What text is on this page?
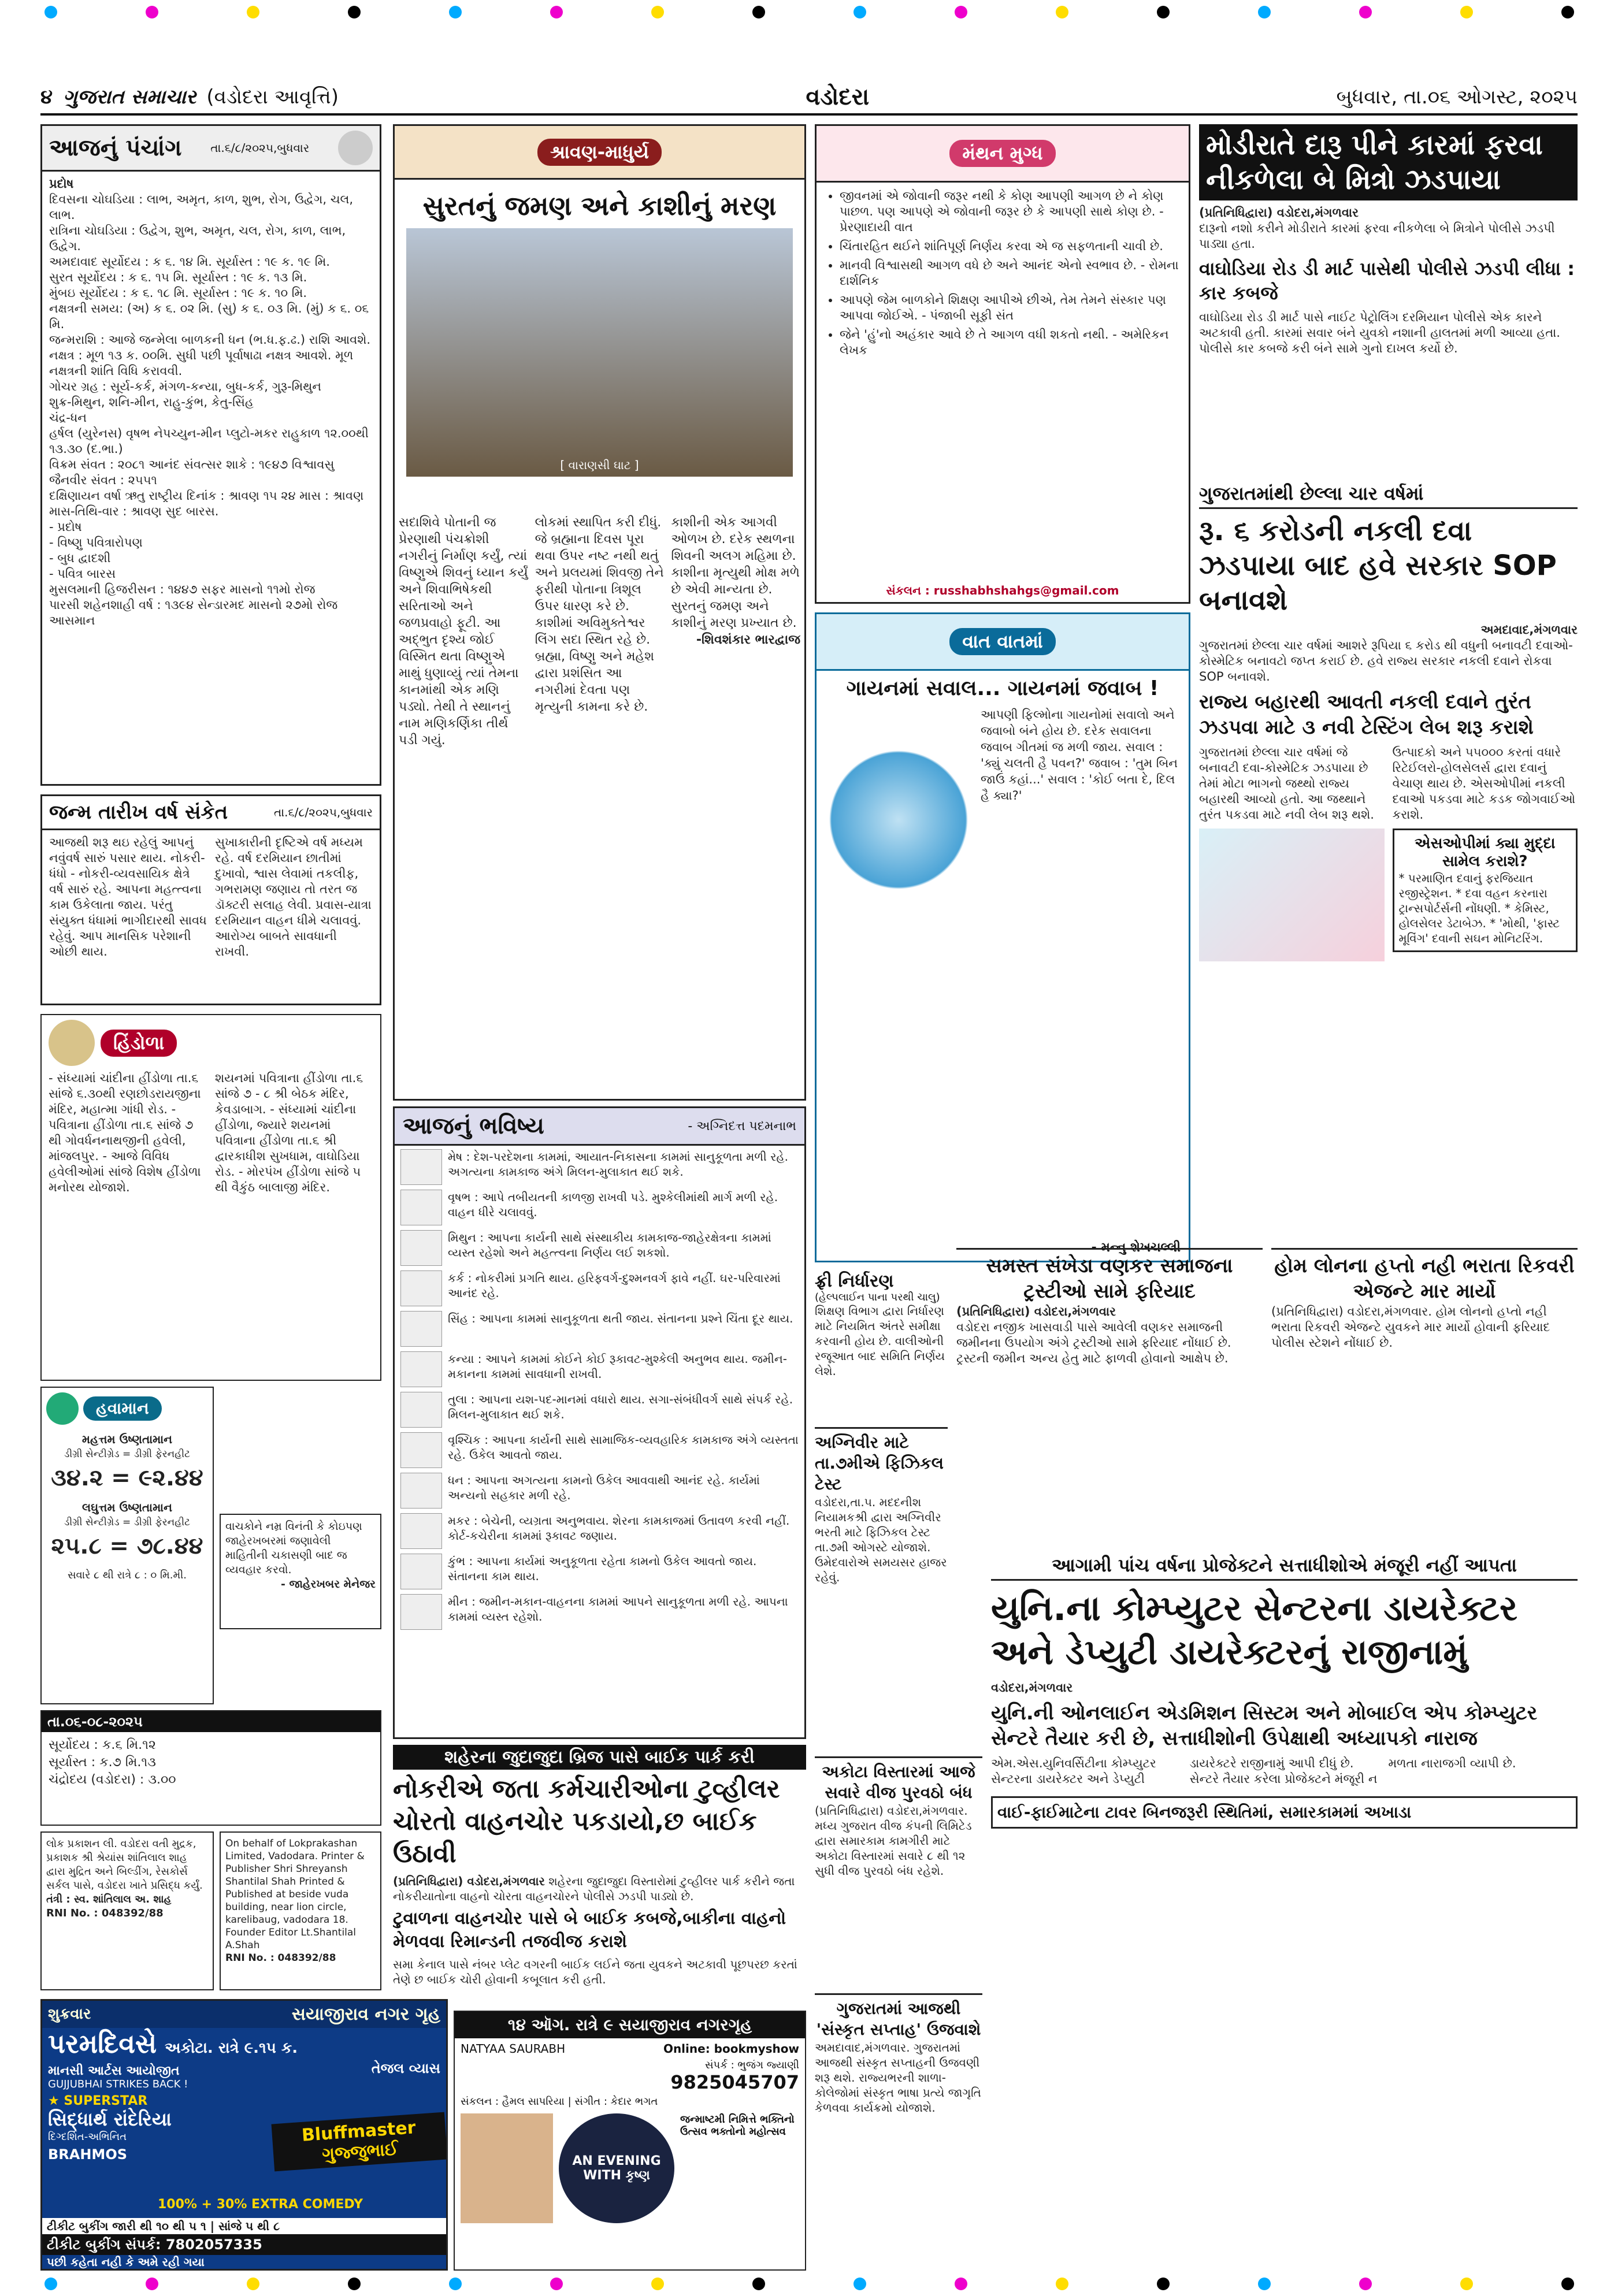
૪ ગુજરાત સમાચાર (વડોદરા આવૃત્તિ)	વડોદરા	બુધવાર, તા.૦૬ ઓગસ્ટ, ૨૦૨૫
આજનું પંચાંગ તા.૬/૮/૨૦૨૫,બુધવાર
પ્રદોષ
દિવસના ચોઘડિયા : લાભ, અમૃત, કાળ, શુભ, રોગ, ઉદ્વેગ, ચલ, લાભ.
રાત્રિના ચોઘડિયા : ઉદ્વેગ, શુભ, અમૃત, ચલ, રોગ, કાળ, લાભ, ઉદ્વેગ.
અમદાવાદ સૂર્યોદય : ક ૬. ૧૪ મિ. સૂર્યાસ્ત : ૧૯ ક. ૧૯ મિ.
સુરત સૂર્યોદય : ક ૬. ૧૫ મિ. સૂર્યાસ્ત : ૧૯ ક. ૧૩ મિ.
મુંબઇ સૂર્યોદય : ક ૬. ૧૮ મિ. સૂર્યાસ્ત : ૧૯ ક. ૧૦ મિ.
નક્ષત્રની સમય: (અ) ક ૬. ૦૨ મિ. (સુ) ક ૬. ૦૩ મિ. (મું) ક ૬. ૦૬ મિ.
જન્મરાશિ : આજે જન્મેલા બાળકની ધન (ભ.ધ.ફ.ઢ.) રાશિ આવશે.
નક્ષત્ર : મૂળ ૧૩ ક. ૦૦મિ. સુધી પછી પૂર્વાષાઢા નક્ષત્ર આવશે. મૂળ નક્ષત્રની શાંતિ વિધિ કરાવવી.
ગોચર ગ્રહ : સૂર્ય-કર્ક, મંગળ-કન્યા, બુધ-કર્ક, ગુરૂ-મિથુન
શુક્ર-મિથુન, શનિ-મીન, રાહુ-કુંભ, કેતુ-સિંહ
ચંદ્ર-ધન
હર્ષલ (યુરેનસ) વૃષભ નેપચ્યુન-મીન પ્લુટો-મકર રાહુકાળ ૧૨.૦૦થી ૧૩.૩૦ (દ.ભા.)
વિક્રમ સંવત : ૨૦૮૧ આનંદ સંવત્સર શાકે : ૧૯૪૭ વિશ્વાવસુ જૈનવીર સંવત : ૨૫૫૧
દક્ષિણાયન વર્ષા ઋતુ રાષ્ટ્રીય દિનાંક : શ્રાવણ ૧૫ ૨૪ માસ : શ્રાવણ
માસ-તિથિ-વાર : શ્રાવણ સુદ બારસ.
- પ્રદોષ
- વિષ્ણુ પવિત્રારોપણ
- બુધ દ્વાદશી
- પવિત્ર બારસ
મુસલમાની હિજરીસન : ૧૪૪૭ સફર માસનો ૧૧મો રોજ
પારસી શહેનશાહી વર્ષ : ૧૩૯૪ સેન્ડારમદ માસનો ૨૭મો રોજ આસમાન
જન્મ તારીખ વર્ષ સંકેત	તા.૬/૮/૨૦૨૫,બુધવાર
આજથી શરૂ થઇ રહેલું આપનું નવુંવર્ષ સારું પસાર થાય. નોકરી-ધંધો - નોકરી-વ્યવસાયિક ક્ષેત્રે વર્ષ સારું રહે. આપના મહત્ત્વના કામ ઉકેલાતા જાય. પરંતુ સંયુક્ત ધંધામાં ભાગીદારથી સાવધ રહેવું. આપ માનસિક પરેશાની ઓછી થાય.
સુખાકારીની દૃષ્ટિએ વર્ષ મધ્યમ રહે. વર્ષ દરમિયાન છાતીમાં દુખાવો, શ્વાસ લેવામાં તકલીફ, ગભરામણ જણાય તો તરત જ ડૉક્ટરી સલાહ લેવી. પ્રવાસ-યાત્રા દરમિયાન વાહન ધીમે ચલાવવું. આરોગ્ય બાબતે સાવધાની રાખવી.
હિંડોળા
- સંધ્યામાં ચાંદીના હીંડોળા તા.૬ સાંજે ૬.૩૦થી રણછોડરાયજીના મંદિર, મહાત્મા ગાંધી રોડ. - પવિત્રાના હીંડોળા તા.૬ સાંજે ૭ થી ગોવર્ધનનાથજીની હવેલી, માંજલપુર. - આજે વિવિધ હવેલીઓમાં સાંજે વિશેષ હીંડોળા મનોરથ યોજાશે.
શયનમાં પવિત્રાના હીંડોળા તા.૬ સાંજે ૭ - ૮ શ્રી બેઠક મંદિર, કેવડાબાગ. - સંધ્યામાં ચાંદીના હીંડોળા, જ્યારે શયનમાં પવિત્રાના હીંડોળા તા.૬ શ્રી દ્વારકાધીશ સુખધામ, વાઘોડિયા રોડ. - મોરપંખ હીંડોળા સાંજે ૫ થી વૈકુંઠ બાલાજી મંદિર.
હવામાન
મહત્તમ ઉષ્ણતામાન
ડીગ્રી સેન્ટીગ્રેડ = ડીગ્રી ફેરનહીટ
૩૪.૨ = ૯૨.૪૪
લઘુત્તમ ઉષ્ણતામાન
ડીગ્રી સેન્ટીગ્રેડ = ડીગ્રી ફેરનહીટ
૨૫.૮ = ૭૮.૪૪
સવારે ૮ થી રાત્રે ૮ : ૦ મિ.મી.
વાચકોને નમ્ર વિનંતી કે કોઇપણ જાહેરખબરમાં જણાવેલી માહિતીની ચકાસણી બાદ જ વ્યવહાર કરવો.
- જાહેરખબર મેનેજર
તા.૦૬-૦૮-૨૦૨૫
સૂર્યોદય : ક.૬ મિ.૧૨
સૂર્યાસ્ત : ક.૭ મિ.૧૩
ચંદ્રોદય (વડોદરા) : ૩.૦૦
શ્રાવણ-માધુર્ય
સુરતનું જમણ અને કાશીનું મરણ
[ વારાણસી ઘાટ ]
સદાશિવે પોતાની જ પ્રેરણાથી પંચક્રોશી નગરીનું નિર્માણ કર્યું, ત્યાં વિષ્ણુએ શિવનું ધ્યાન કર્યું અને શિવાભિષેકથી સરિતાઓ અને જળપ્રવાહો ફૂટી. આ અદ્ભુત દૃશ્ય જોઈ વિસ્મિત થતા વિષ્ણુએ માથું ધુણાવ્યું ત્યાં તેમના કાનમાંથી એક મણિ પડ્યો. તેથી તે સ્થાનનું નામ મણિકર્ણિકા તીર્થ પડી ગયું.
લોકમાં સ્થાપિત કરી દીધું. જે બ્રહ્માના દિવસ પૂરા થવા ઉપર નષ્ટ નથી થતું અને પ્રલયમાં શિવજી તેને ફરીથી પોતાના ત્રિશૂલ ઉપર ધારણ કરે છે. કાશીમાં અવિમુક્તેશ્વર લિંગ સદા સ્થિત રહે છે. બ્રહ્મા, વિષ્ણુ અને મહેશ દ્વારા પ્રશંસિત આ નગરીમાં દેવતા પણ મૃત્યુની કામના કરે છે.
કાશીની એક આગવી ઓળખ છે. દરેક સ્થળના શિવની અલગ મહિમા છે. કાશીના મૃત્યુથી મોક્ષ મળે છે એવી માન્યતા છે. સુરતનું જમણ અને કાશીનું મરણ પ્રખ્યાત છે.
-શિવશંકાર ભારદ્વાજ
આજનું ભવિષ્ય	- અગ્નિદત્ત પદમનાભ
મેષ : દેશ-પરદેશના કામમાં, આયાત-નિકાસના કામમાં સાનુકૂળતા મળી રહે. અગત્યના કામકાજ અંગે મિલન-મુલાકાત થઈ શકે.
વૃષભ : આપે તબીયતની કાળજી રાખવી પડે. મુશ્કેલીમાંથી માર્ગ મળી રહે. વાહન ધીરે ચલાવવું.
મિથુન : આપના કાર્યની સાથે સંસ્થાકીય કામકાજ-જાહેરક્ષેત્રના કામમાં વ્યસ્ત રહેશો અને મહત્ત્વના નિર્ણય લઈ શકશો.
કર્ક : નોકરીમાં પ્રગતિ થાય. હરિફવર્ગ-દુશ્મનવર્ગ ફાવે નહીં. ઘર-પરિવારમાં આનંદ રહે.
સિંહ : આપના કામમાં સાનુકૂળતા થતી જાય. સંતાનના પ્રશ્ને ચિંતા દૂર થાય.
કન્યા : આપને કામમાં કોઈને કોઈ રૂકાવટ-મુશ્કેલી અનુભવ થાય. જમીન-મકાનના કામમાં સાવધાની રાખવી.
તુલા : આપના યશ-પદ-માનમાં વધારો થાય. સગા-સંબંધીવર્ગ સાથે સંપર્ક રહે. મિલન-મુલાકાત થઈ શકે.
વૃશ્ચિક : આપના કાર્યની સાથે સામાજિક-વ્યવહારિક કામકાજ અંગે વ્યસ્તતા રહે. ઉકેલ આવતો જાય.
ધન : આપના અગત્યના કામનો ઉકેલ આવવાથી આનંદ રહે. કાર્યમાં અન્યનો સહકાર મળી રહે.
મકર : બેચેની, વ્યગ્રતા અનુભવાય. શેરના કામકાજમાં ઉતાવળ કરવી નહીં. કોર્ટ-કચેરીના કામમાં રૂકાવટ જણાય.
કુંભ : આપના કાર્યમાં અનુકૂળતા રહેતા કામનો ઉકેલ આવતો જાય. સંતાનના કામ થાય.
મીન : જમીન-મકાન-વાહનના કામમાં આપને સાનુકૂળતા મળી રહે. આપના કામમાં વ્યસ્ત રહેશો.
મંથન મુગ્ધ
• જીવનમાં એ જોવાની જરૂર નથી કે કોણ આપણી આગળ છે ને કોણ પાછળ. પણ આપણે એ જોવાની જરૂર છે કે આપણી સાથે કોણ છે. - પ્રેરણાદાયી વાત
• ચિંતારહિત થઈને શાંતિપૂર્ણ નિર્ણય કરવા એ જ સફળતાની ચાવી છે.
• માનવી વિશ્વાસથી આગળ વધે છે અને આનંદ એનો સ્વભાવ છે. - રોમના દાર્શનિક
• આપણે જેમ બાળકોને શિક્ષણ આપીએ છીએ, તેમ તેમને સંસ્કાર પણ આપવા જોઈએ. - પંજાબી સૂફી સંત
• જેને 'હું'નો અહંકાર આવે છે તે આગળ વધી શકતો નથી. - અમેરિકન લેખક
સંકલન : russhabhshahgs@gmail.com
વાત વાતમાં
ગાયનમાં સવાલ... ગાયનમાં જવાબ !
આપણી ફિલ્મોના ગાયનોમાં સવાલો અને જવાબો બંને હોય છે. દરેક સવાલના જવાબ ગીતમાં જ મળી જાય. સવાલ : 'ક્યું ચલતી હૈ પવન?' જવાબ : 'તુમ બિન જાઉં કહાં...' સવાલ : 'કોઈ બતા દે, દિલ હૈ ક્યા?'
- મન્નુ શેખચલ્લી
મોડીરાતે દારૂ પીને કારમાં ફરવા નીકળેલા બે મિત્રો ઝડપાયા
(પ્રતિનિધિદ્વારા) વડોદરા,મંગળવાર
દારૂનો નશો કરીને મોડીરાતે કારમાં ફરવા નીકળેલા બે મિત્રોને પોલીસે ઝડપી પાડ્યા હતા.
વાઘોડિયા રોડ ડી માર્ટ પાસેથી પોલીસે ઝડપી લીધા : કાર કબજે
વાઘોડિયા રોડ ડી માર્ટ પાસે નાઈટ પેટ્રોલિંગ દરમિયાન પોલીસે એક કારને અટકાવી હતી. કારમાં સવાર બંને યુવકો નશાની હાલતમાં મળી આવ્યા હતા. પોલીસે કાર કબજે કરી બંને સામે ગુનો દાખલ કર્યો છે.
ગુજરાતમાંથી છેલ્લા ચાર વર્ષમાં
રૂ. ૬ કરોડની નકલી દવા ઝડપાયા બાદ હવે સરકાર SOP બનાવશે
અમદાવાદ,મંગળવાર
ગુજરાતમાં છેલ્લા ચાર વર્ષમાં આશરે રૂપિયા ૬ કરોડ થી વધુની બનાવટી દવાઓ-કોસ્મેટિક બનાવટો જપ્ત કરાઈ છે. હવે રાજ્ય સરકાર નકલી દવાને રોકવા SOP બનાવશે.
રાજ્ય બહારથી આવતી નકલી દવાને તુરંત ઝડપવા માટે ૩ નવી ટેસ્ટિંગ લેબ શરૂ કરાશે
ગુજરાતમાં છેલ્લા ચાર વર્ષમાં જે બનાવટી દવા-કોસ્મેટિક ઝડપાયા છે તેમાં મોટા ભાગનો જથ્થો રાજ્ય બહારથી આવ્યો હતો. આ જથ્થાને તુરંત પકડવા માટે નવી લેબ શરૂ થશે.
ઉત્પાદકો અને ૫૫૦૦૦ કરતાં વધારે રિટેઈલરો-હોલસેલર્સ દ્વારા દવાનું વેચાણ થાય છે. એસઓપીમાં નકલી દવાઓ પકડવા માટે કડક જોગવાઈઓ કરાશે.
એસઓપીમાં ક્યા મુદ્દા સામેલ કરાશે?
* પરમાણિત દવાનું ફરજિયાત રજીસ્ટ્રેશન. * દવા વહન કરનારા ટ્રાન્સપોર્ટર્સની નોંધણી. * કેમિસ્ટ, હોલસેલર ડેટાબેઝ. * 'મોથી, 'ફાસ્ટ મૂવિંગ' દવાની સઘન મોનિટરિંગ.
સમસ્ત સંખેડા વણકર સમાજના ટ્રસ્ટીઓ સામે ફરિયાદ
(પ્રતિનિધિદ્વારા) વડોદરા,મંગળવાર
વડોદરા નજીક ખાસવાડી પાસે આવેલી વણકર સમાજની જમીનના ઉપયોગ અંગે ટ્રસ્ટીઓ સામે ફરિયાદ નોંધાઈ છે. ટ્રસ્ટની જમીન અન્ય હેતુ માટે ફાળવી હોવાનો આક્ષેપ છે.
હોમ લોનના હપ્તો નહી ભરાતા રિકવરી એજન્ટે માર માર્યો
(પ્રતિનિધિદ્વારા) વડોદરા,મંગળવાર. હોમ લોનનો હપ્તો નહી ભરાતા રિકવરી એજન્ટે યુવકને માર માર્યો હોવાની ફરિયાદ પોલીસ સ્ટેશને નોંધાઈ છે.
ફ્રી નિર્ધારણ
(હેલ્પલાઈન પાના પરથી ચાલુ)
શિક્ષણ વિભાગ દ્વારા નિર્ધારણ માટે નિયમિત અંતરે સમીક્ષા કરવાની હોય છે. વાલીઓની રજૂઆત બાદ સમિતિ નિર્ણય લેશે.
અગ્નિવીર માટે તા.૭મીએ ફિઝિકલ ટેસ્ટ
વડોદરા,તા.૫. મદદનીશ નિયામકશ્રી દ્વારા અગ્નિવીર ભરતી માટે ફિઝિકલ ટેસ્ટ તા.૭મી ઓગસ્ટે યોજાશે. ઉમેદવારોએ સમયસર હાજર રહેવું.
અકોટા વિસ્તારમાં આજે સવારે વીજ પુરવઠો બંધ
(પ્રતિનિધિદ્વારા) વડોદરા,મંગળવાર. મધ્ય ગુજરાત વીજ કંપની લિમિટેડ દ્વારા સમારકામ કામગીરી માટે અકોટા વિસ્તારમાં સવારે ૮ થી ૧૨ સુધી વીજ પુરવઠો બંધ રહેશે.
ગુજરાતમાં આજથી 'સંસ્કૃત સપ્તાહ' ઉજવાશે
અમદાવાદ,મંગળવાર. ગુજરાતમાં આજથી સંસ્કૃત સપ્તાહની ઉજવણી શરૂ થશે. રાજ્યભરની શાળા-કોલેજોમાં સંસ્કૃત ભાષા પ્રત્યે જાગૃતિ કેળવવા કાર્યક્રમો યોજાશે.
શહેરના જુદાજુદા બ્રિજ પાસે બાઈક પાર્ક કરી
નોકરીએ જતા કર્મચારીઓના ટુવ્હીલર ચોરતો વાહનચોર પકડાયો,છ બાઈક ઉઠાવી
(પ્રતિનિધિદ્વારા) વડોદરા,મંગળવાર શહેરના જુદાજુદા વિસ્તારોમાં ટુવ્હીલર પાર્ક કરીને જતા નોકરીયાતોના વાહનો ચોરતા વાહનચોરને પોલીસે ઝડપી પાડ્યો છે.
ટુવાળના વાહનચોર પાસે બે બાઈક કબજે,બાકીના વાહનો મેળવવા રિમાન્ડની તજવીજ કરાશે
સમા કેનાલ પાસે નંબર પ્લેટ વગરની બાઈક લઈને જતા યુવકને અટકાવી પૂછપરછ કરતાં તેણે છ બાઈક ચોરી હોવાની કબૂલાત કરી હતી.
આગામી પાંચ વર્ષના પ્રોજેક્ટને સત્તાધીશોએ મંજૂરી નહીં આપતા
યુનિ.ના કોમ્પ્યુટર સેન્ટરના ડાયરેક્ટર અને ડેપ્યુટી ડાયરેક્ટરનું રાજીનામું
વડોદરા,મંગળવાર
યુનિ.ની ઓનલાઈન એડમિશન સિસ્ટમ અને મોબાઈલ એપ કોમ્પ્યુટર સેન્ટરે તૈયાર કરી છે, સત્તાધીશોની ઉપેક્ષાથી અધ્યાપકો નારાજ
એમ.એસ.યુનિવર્સિટીના કોમ્પ્યુટર સેન્ટરના ડાયરેક્ટર અને ડેપ્યુટી ડાયરેક્ટરે રાજીનામું આપી દીધું છે. સેન્ટરે તૈયાર કરેલા પ્રોજેક્ટને મંજૂરી ન મળતા નારાજગી વ્યાપી છે.
વાઈ-ફાઈમાટેના ટાવર બિનજરૂરી સ્થિતિમાં, સમારકામમાં અખાડા
લોક પ્રકાશન લી. વડોદરા વતી મુદ્રક, પ્રકાશક શ્રી શ્રેયાંસ શાંતિલાલ શાહ દ્વારા મુદ્રિત અને બિલ્ડીંગ, રેસકોર્સ સર્કલ પાસે, વડોદરા ખાતે પ્રસિદ્ધ કર્યું.
તંત્રી : સ્વ. શાંતિલાલ અ. શાહ
RNI No. : 048392/88
On behalf of Lokprakashan Limited, Vadodara. Printer & Publisher Shri Shreyansh Shantilal Shah Printed & Published at beside vuda building, near lion circle, karelibaug, vadodara 18. Founder Editor Lt.Shantilal A.Shah
RNI No. : 048392/88
શુક્રવાર	સયાજીરાવ નગર ગૃહ
પરમદિવસે અકોટા. રાત્રે ૯.૧૫ ક.
માનસી આર્ટસ આયોજીત
GUJJUBHAI STRIKES BACK !
★ SUPERSTAR
સિદ્ધાર્થ રાંદેરિયા
દિગ્દર્શિત-અભિનિત
BRAHMOS
તેજલ વ્યાસ
Bluffmaster ગુજ્જુભાઈ
100% + 30% EXTRA COMEDY
ટીકીટ બુકીંગ જારી થી ૧૦ થી ૫ ૧ | સાંજે ૫ થી ૮
ટીકીટ બુકીંગ સંપર્ક: 7802057335
પછી કહેતા નહી કે અમે રહી ગયા
૧૪ ઑગ. રાત્રે ૯ સયાજીરાવ નગરગૃહ
NATYAA SAURABH	Online: bookmyshow
સંપર્ક : ભુજંગ જ્યાણી
9825045707
સંકલન : હૈમલ સાપરિયા | સંગીત : કેદાર ભગત
AN EVENING WITH કૃષ્ણ
જન્માષ્ટમી નિમિત્તે ભક્તિનો ઉત્સવ ભક્તોનો મહોત્સવ
